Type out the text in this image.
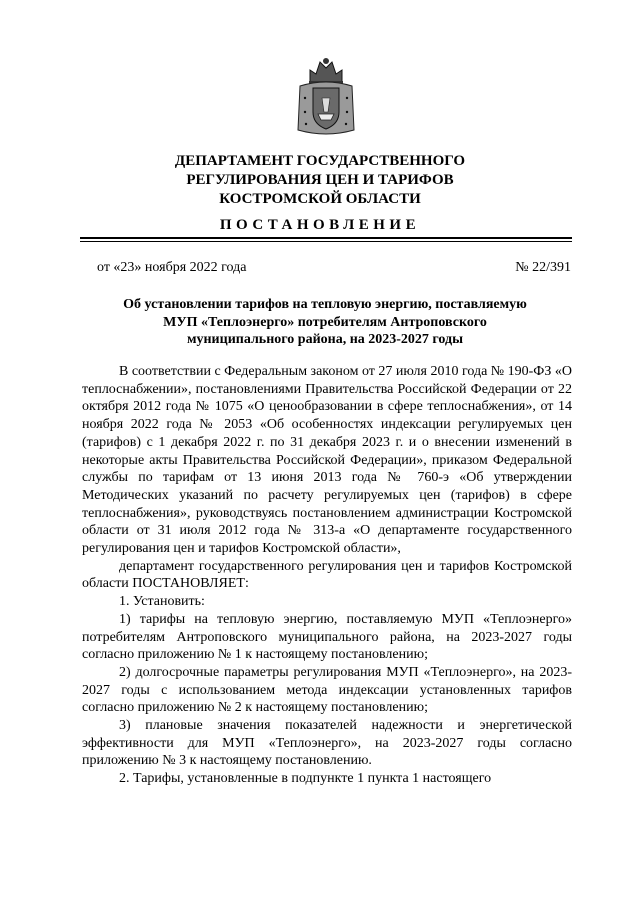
ДЕПАРТАМЕНТ ГОСУДАРСТВЕННОГО
РЕГУЛИРОВАНИЯ ЦЕН И ТАРИФОВ
КОСТРОМСКОЙ ОБЛАСТИ
ПОСТАНОВЛЕНИЕ
от «23» ноября 2022 года	№ 22/391
Об установлении тарифов на тепловую энергию, поставляемую
МУП «Теплоэнерго» потребителям Антроповского
муниципального района, на 2023-2027 годы

В соответствии с Федеральным законом от 27 июля 2010 года № 190-ФЗ «О теплоснабжении», постановлениями Правительства Российской Федерации от 22 октября 2012 года № 1075 «О ценообразовании в сфере теплоснабжения», от 14 ноября 2022 года № 2053 «Об особенностях индексации регулируемых цен (тарифов) с 1 декабря 2022 г. по 31 декабря 2023 г. и о внесении изменений в некоторые акты Правительства Российской Федерации», приказом Федеральной службы по тарифам от 13 июня 2013 года № 760-э «Об утверждении Методических указаний по расчету регулируемых цен (тарифов) в сфере теплоснабжения», руководствуясь постановлением администрации Костромской области от 31 июля 2012 года № 313-а «О департаменте государственного регулирования цен и тарифов Костромской области»,

департамент государственного регулирования цен и тарифов Костромской области ПОСТАНОВЛЯЕТ:

1. Установить:

1) тарифы на тепловую энергию, поставляемую МУП «Теплоэнерго» потребителям Антроповского муниципального района, на 2023-2027 годы согласно приложению № 1 к настоящему постановлению;

2) долгосрочные параметры регулирования МУП «Теплоэнерго», на 2023-2027 годы с использованием метода индексации установленных тарифов согласно приложению № 2 к настоящему постановлению;

3) плановые значения показателей надежности и энергетической эффективности для МУП «Теплоэнерго», на 2023-2027 годы согласно приложению № 3 к настоящему постановлению.

2. Тарифы, установленные в подпункте 1 пункта 1 настоящего
